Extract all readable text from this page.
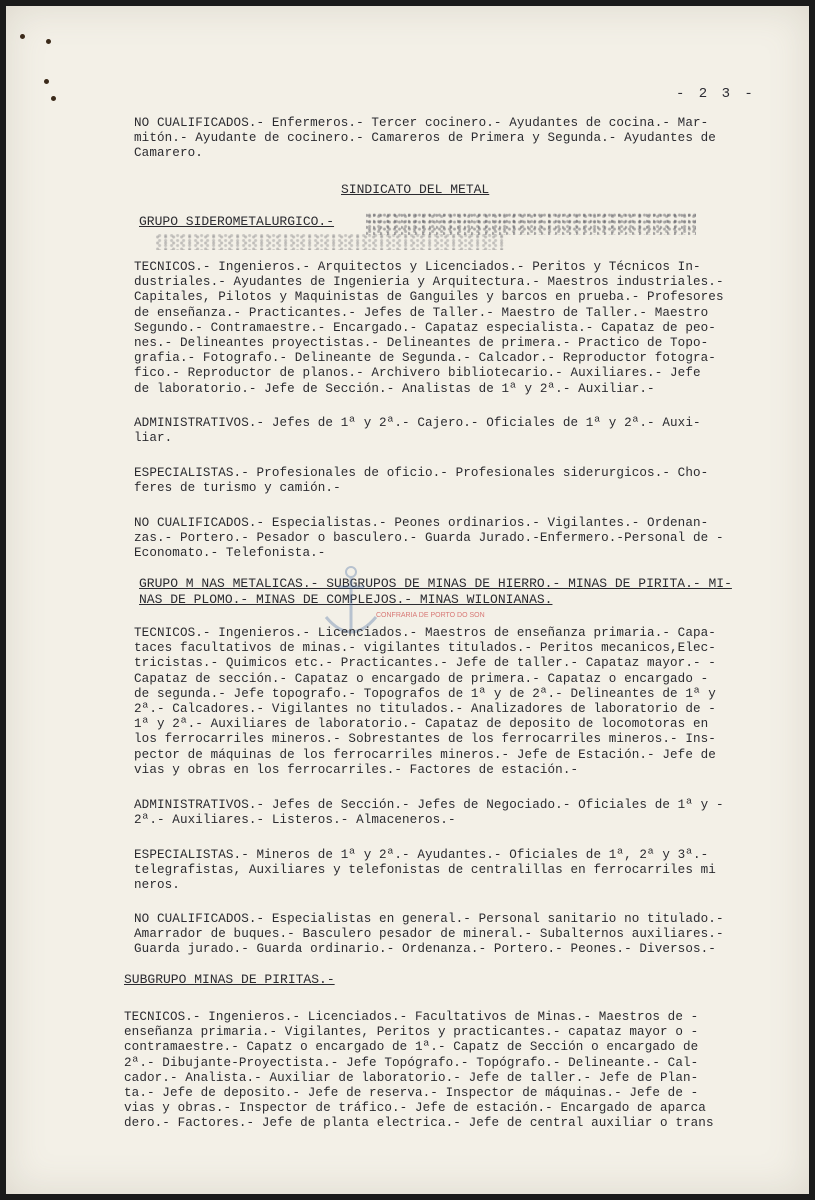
- 2 3 -
NO CUALIFICADOS.- Enfermeros.- Tercer cocinero.- Ayudantes de cocina.- Mar-
mitón.- Ayudante de cocinero.- Camareros de Primera y Segunda.- Ayudantes de
Camarero.
SINDICATO DEL METAL
GRUPO SIDEROMETALURGICO.-
TECNICOS.- Ingenieros.- Arquitectos y Licenciados.- Peritos y Técnicos In-
dustriales.- Ayudantes de Ingenieria y Arquitectura.- Maestros industriales.-
Capitales, Pilotos y Maquinistas de Ganguiles y barcos en prueba.- Profesores
de enseñanza.- Practicantes.- Jefes de Taller.- Maestro de Taller.- Maestro
Segundo.- Contramaestre.- Encargado.- Capataz especialista.- Capataz de peo-
nes.- Delineantes proyectistas.- Delineantes de primera.- Practico de Topo-
grafia.- Fotografo.- Delineante de Segunda.- Calcador.- Reproductor fotogra-
fico.- Reproductor de planos.- Archivero bibliotecario.- Auxiliares.- Jefe
de laboratorio.- Jefe de Sección.- Analistas de 1ª y 2ª.- Auxiliar.-
ADMINISTRATIVOS.- Jefes de 1ª y 2ª.- Cajero.- Oficiales de 1ª y 2ª.- Auxi-
liar.
ESPECIALISTAS.- Profesionales de oficio.- Profesionales siderurgicos.- Cho-
feres de turismo y camión.-
NO CUALIFICADOS.- Especialistas.- Peones ordinarios.- Vigilantes.- Ordenan-
zas.- Portero.- Pesador o basculero.- Guarda Jurado.-Enfermero.-Personal de -
Economato.- Telefonista.-
GRUPO M NAS METALICAS.- SUBGRUPOS DE MINAS DE HIERRO.- MINAS DE PIRITA.- MI-
NAS DE PLOMO.- MINAS DE COMPLEJOS.- MINAS WILONIANAS.
CONFRARIA DE PORTO DO SON
TECNICOS.- Ingenieros.- Licenciados.- Maestros de enseñanza primaria.- Capa-
taces facultativos de minas.- vigilantes titulados.- Peritos mecanicos,Elec-
tricistas.- Quimicos etc.- Practicantes.- Jefe de taller.- Capataz mayor.- -
Capataz de sección.- Capataz o encargado de primera.- Capataz o encargado -
de segunda.- Jefe topografo.- Topografos de 1ª y de 2ª.- Delineantes de 1ª y
2ª.- Calcadores.- Vigilantes no titulados.- Analizadores de laboratorio de -
1ª y 2ª.- Auxiliares de laboratorio.- Capataz de deposito de locomotoras en
los ferrocarriles mineros.- Sobrestantes de los ferrocarriles mineros.- Ins-
pector de máquinas de los ferrocarriles mineros.- Jefe de Estación.- Jefe de
vias y obras en los ferrocarriles.- Factores de estación.-
ADMINISTRATIVOS.- Jefes de Sección.- Jefes de Negociado.- Oficiales de 1ª y -
2ª.- Auxiliares.- Listeros.- Almaceneros.-
ESPECIALISTAS.- Mineros de 1ª y 2ª.- Ayudantes.- Oficiales de 1ª, 2ª y 3ª.-
telegrafistas, Auxiliares y telefonistas de centralillas en ferrocarriles mi
neros.
NO CUALIFICADOS.- Especialistas en general.- Personal sanitario no titulado.-
Amarrador de buques.- Basculero pesador de mineral.- Subalternos auxiliares.-
Guarda jurado.- Guarda ordinario.- Ordenanza.- Portero.- Peones.- Diversos.-
SUBGRUPO MINAS DE PIRITAS.-
TECNICOS.- Ingenieros.- Licenciados.- Facultativos de Minas.- Maestros de -
enseñanza primaria.- Vigilantes, Peritos y practicantes.- capataz mayor o -
contramaestre.- Capatz o encargado de 1ª.- Capatz de Sección o encargado de
2ª.- Dibujante-Proyectista.- Jefe Topógrafo.- Topógrafo.- Delineante.- Cal-
cador.- Analista.- Auxiliar de laboratorio.- Jefe de taller.- Jefe de Plan-
ta.- Jefe de deposito.- Jefe de reserva.- Inspector de máquinas.- Jefe de -
vias y obras.- Inspector de tráfico.- Jefe de estación.- Encargado de aparca
dero.- Factores.- Jefe de planta electrica.- Jefe de central auxiliar o trans
